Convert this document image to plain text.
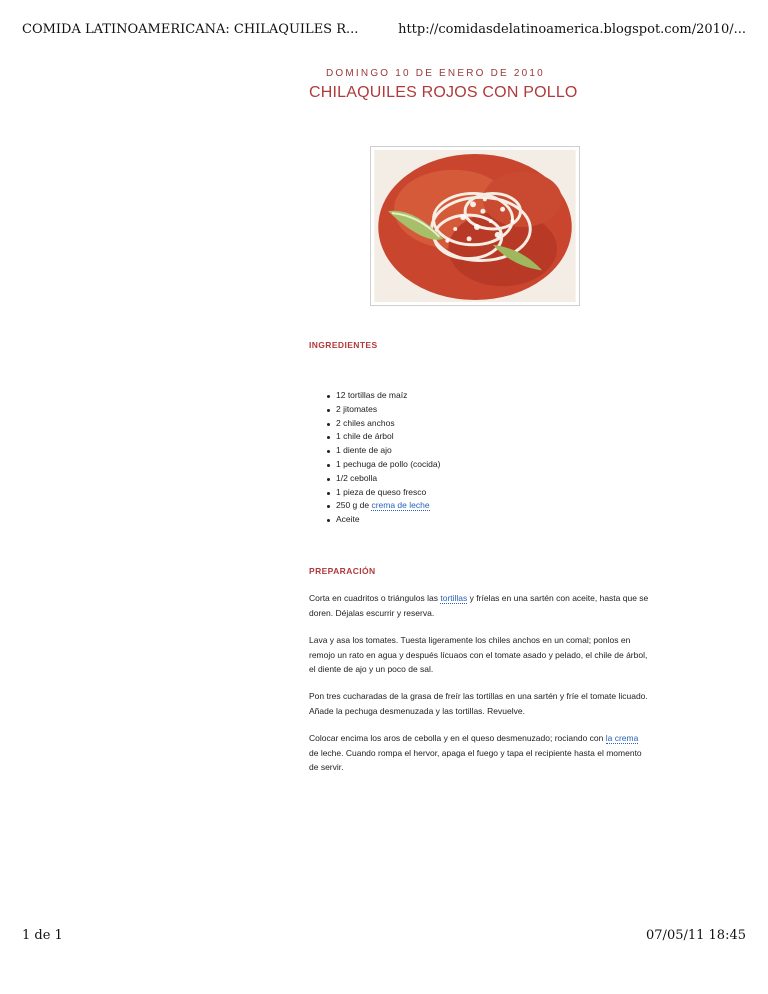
COMIDA LATINOAMERICANA: CHILAQUILES R...	http://comidasdelatinoamerica.blogspot.com/2010/...
DOMINGO 10 DE ENERO DE 2010
CHILAQUILES ROJOS CON POLLO
INGREDIENTES
12 tortillas de maíz
2 jitomates
2 chiles anchos
1 chile de árbol
1 diente de ajo
1 pechuga de pollo (cocida)
1/2 cebolla
1 pieza de queso fresco
250 g de crema de leche
Aceite
PREPARACIÓN
Corta en cuadritos o triángulos las tortillas y fríelas en una sartén con aceite, hasta que se doren. Déjalas escurrir y reserva.
Lava y asa los tomates. Tuesta ligeramente los chiles anchos en un comal; ponlos en remojo un rato en agua y después lícuaos con el tomate asado y pelado, el chile de árbol, el diente de ajo y un poco de sal.
Pon tres cucharadas de la grasa de freír las tortillas en una sartén y fríe el tomate licuado. Añade la pechuga desmenuzada y las tortillas. Revuelve.
Colocar encima los aros de cebolla y en el queso desmenuzado; rociando con la crema de leche. Cuando rompa el hervor, apaga el fuego y tapa el recipiente hasta el momento de servir.
1 de 1	07/05/11 18:45
